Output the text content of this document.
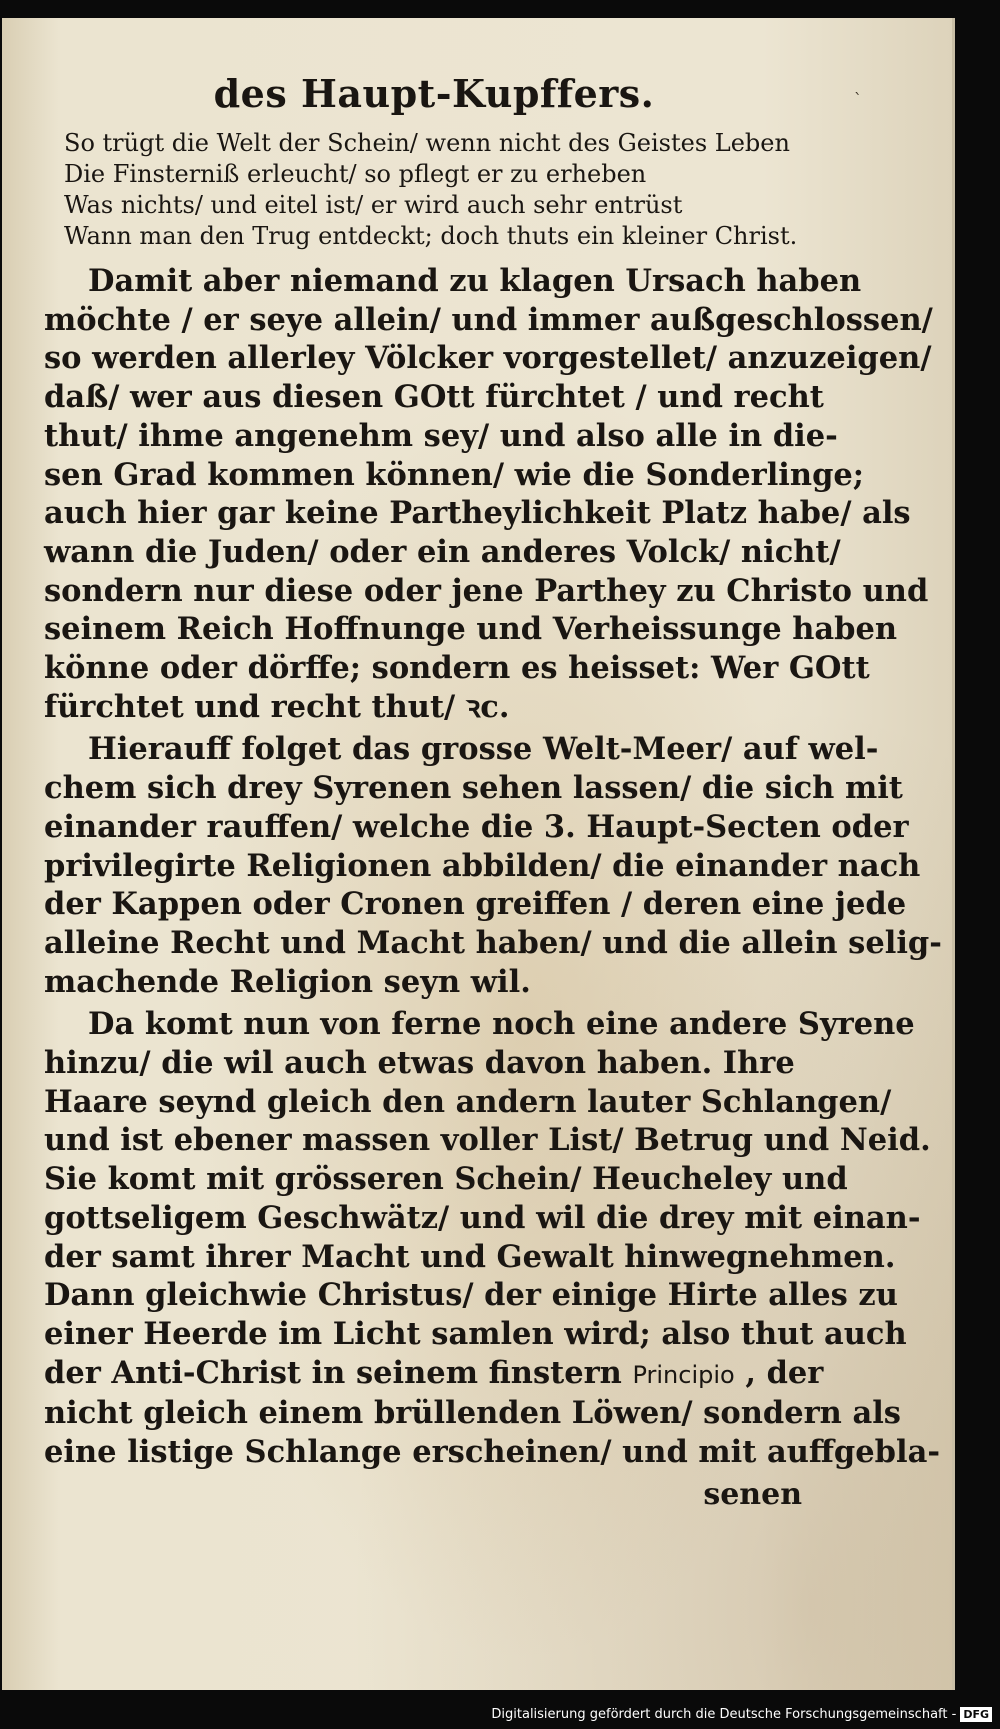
`
des Haupt-Kupffers.
So trügt die Welt der Schein/ wenn nicht des Geistes Leben
Die Finsterniß erleucht/ so pflegt er zu erheben
Was nichts/ und eitel ist/ er wird auch sehr entrüst
Wann man den Trug entdeckt; doch thuts ein kleiner Christ.
Damit aber niemand zu klagen Ursach haben
möchte / er seye allein/ und immer außgeschlossen/
so werden allerley Völcker vorgestellet/ anzuzeigen/
daß/ wer aus diesen GOtt fürchtet / und recht
thut/ ihme angenehm sey/ und also alle in die-
sen Grad kommen können/ wie die Sonderlinge;
auch hier gar keine Partheylichkeit Platz habe/ als
wann die Juden/ oder ein anderes Volck/ nicht/
sondern nur diese oder jene Parthey zu Christo und
seinem Reich Hoffnunge und Verheissunge haben
könne oder dörffe; sondern es heisset: Wer GOtt
fürchtet und recht thut/ ꝛc.
Hierauff folget das grosse Welt-Meer/ auf wel-
chem sich drey Syrenen sehen lassen/ die sich mit
einander rauffen/ welche die 3. Haupt-Secten oder
privilegirte Religionen abbilden/ die einander nach
der Kappen oder Cronen greiffen / deren eine jede
alleine Recht und Macht haben/ und die allein selig-
machende Religion seyn wil.
Da komt nun von ferne noch eine andere Syrene
hinzu/ die wil auch etwas davon haben. Ihre
Haare seynd gleich den andern lauter Schlangen/
und ist ebener massen voller List/ Betrug und Neid.
Sie komt mit grösseren Schein/ Heucheley und
gottseligem Geschwätz/ und wil die drey mit einan-
der samt ihrer Macht und Gewalt hinwegnehmen.
Dann gleichwie Christus/ der einige Hirte alles zu
einer Heerde im Licht samlen wird; also thut auch
der Anti-Christ in seinem finstern Principio , der
nicht gleich einem brüllenden Löwen/ sondern als
eine listige Schlange erscheinen/ und mit auffgebla-
senen
Digitalisierung gefördert durch die Deutsche Forschungsgemeinschaft - DFG
